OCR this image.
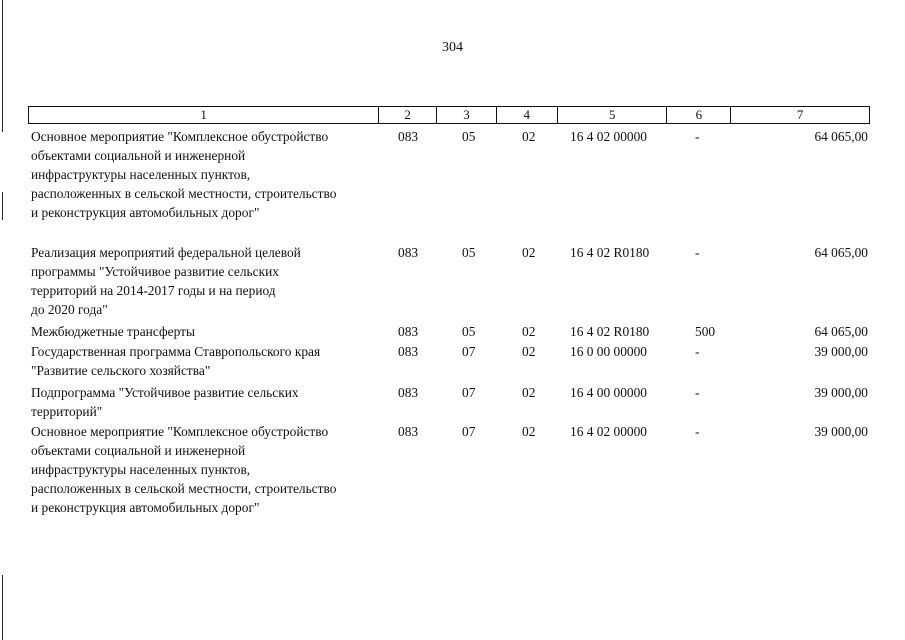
304
1	2	3	4	5	6	7
Основное мероприятие "Комплексное обустройство
объектами социальной и инженерной
инфраструктуры населенных пунктов,
расположенных в сельской местности, строительство
и реконструкция автомобильных дорог"
083	05	02	16 4 02 00000	-	64 065,00
Реализация мероприятий федеральной целевой
программы "Устойчивое развитие сельских
территорий на 2014-2017 годы и на период
до 2020 года"
083	05	02	16 4 02 R0180	-	64 065,00
Межбюджетные трансферты	083	05	02	16 4 02 R0180	500	64 065,00
Государственная программа Ставропольского края
"Развитие сельского хозяйства"
083	07	02	16 0 00 00000	-	39 000,00
Подпрограмма "Устойчивое развитие сельских
территорий"
083	07	02	16 4 00 00000	-	39 000,00
Основное мероприятие "Комплексное обустройство
объектами социальной и инженерной
инфраструктуры населенных пунктов,
расположенных в сельской местности, строительство
и реконструкция автомобильных дорог"
083	07	02	16 4 02 00000	-	39 000,00
